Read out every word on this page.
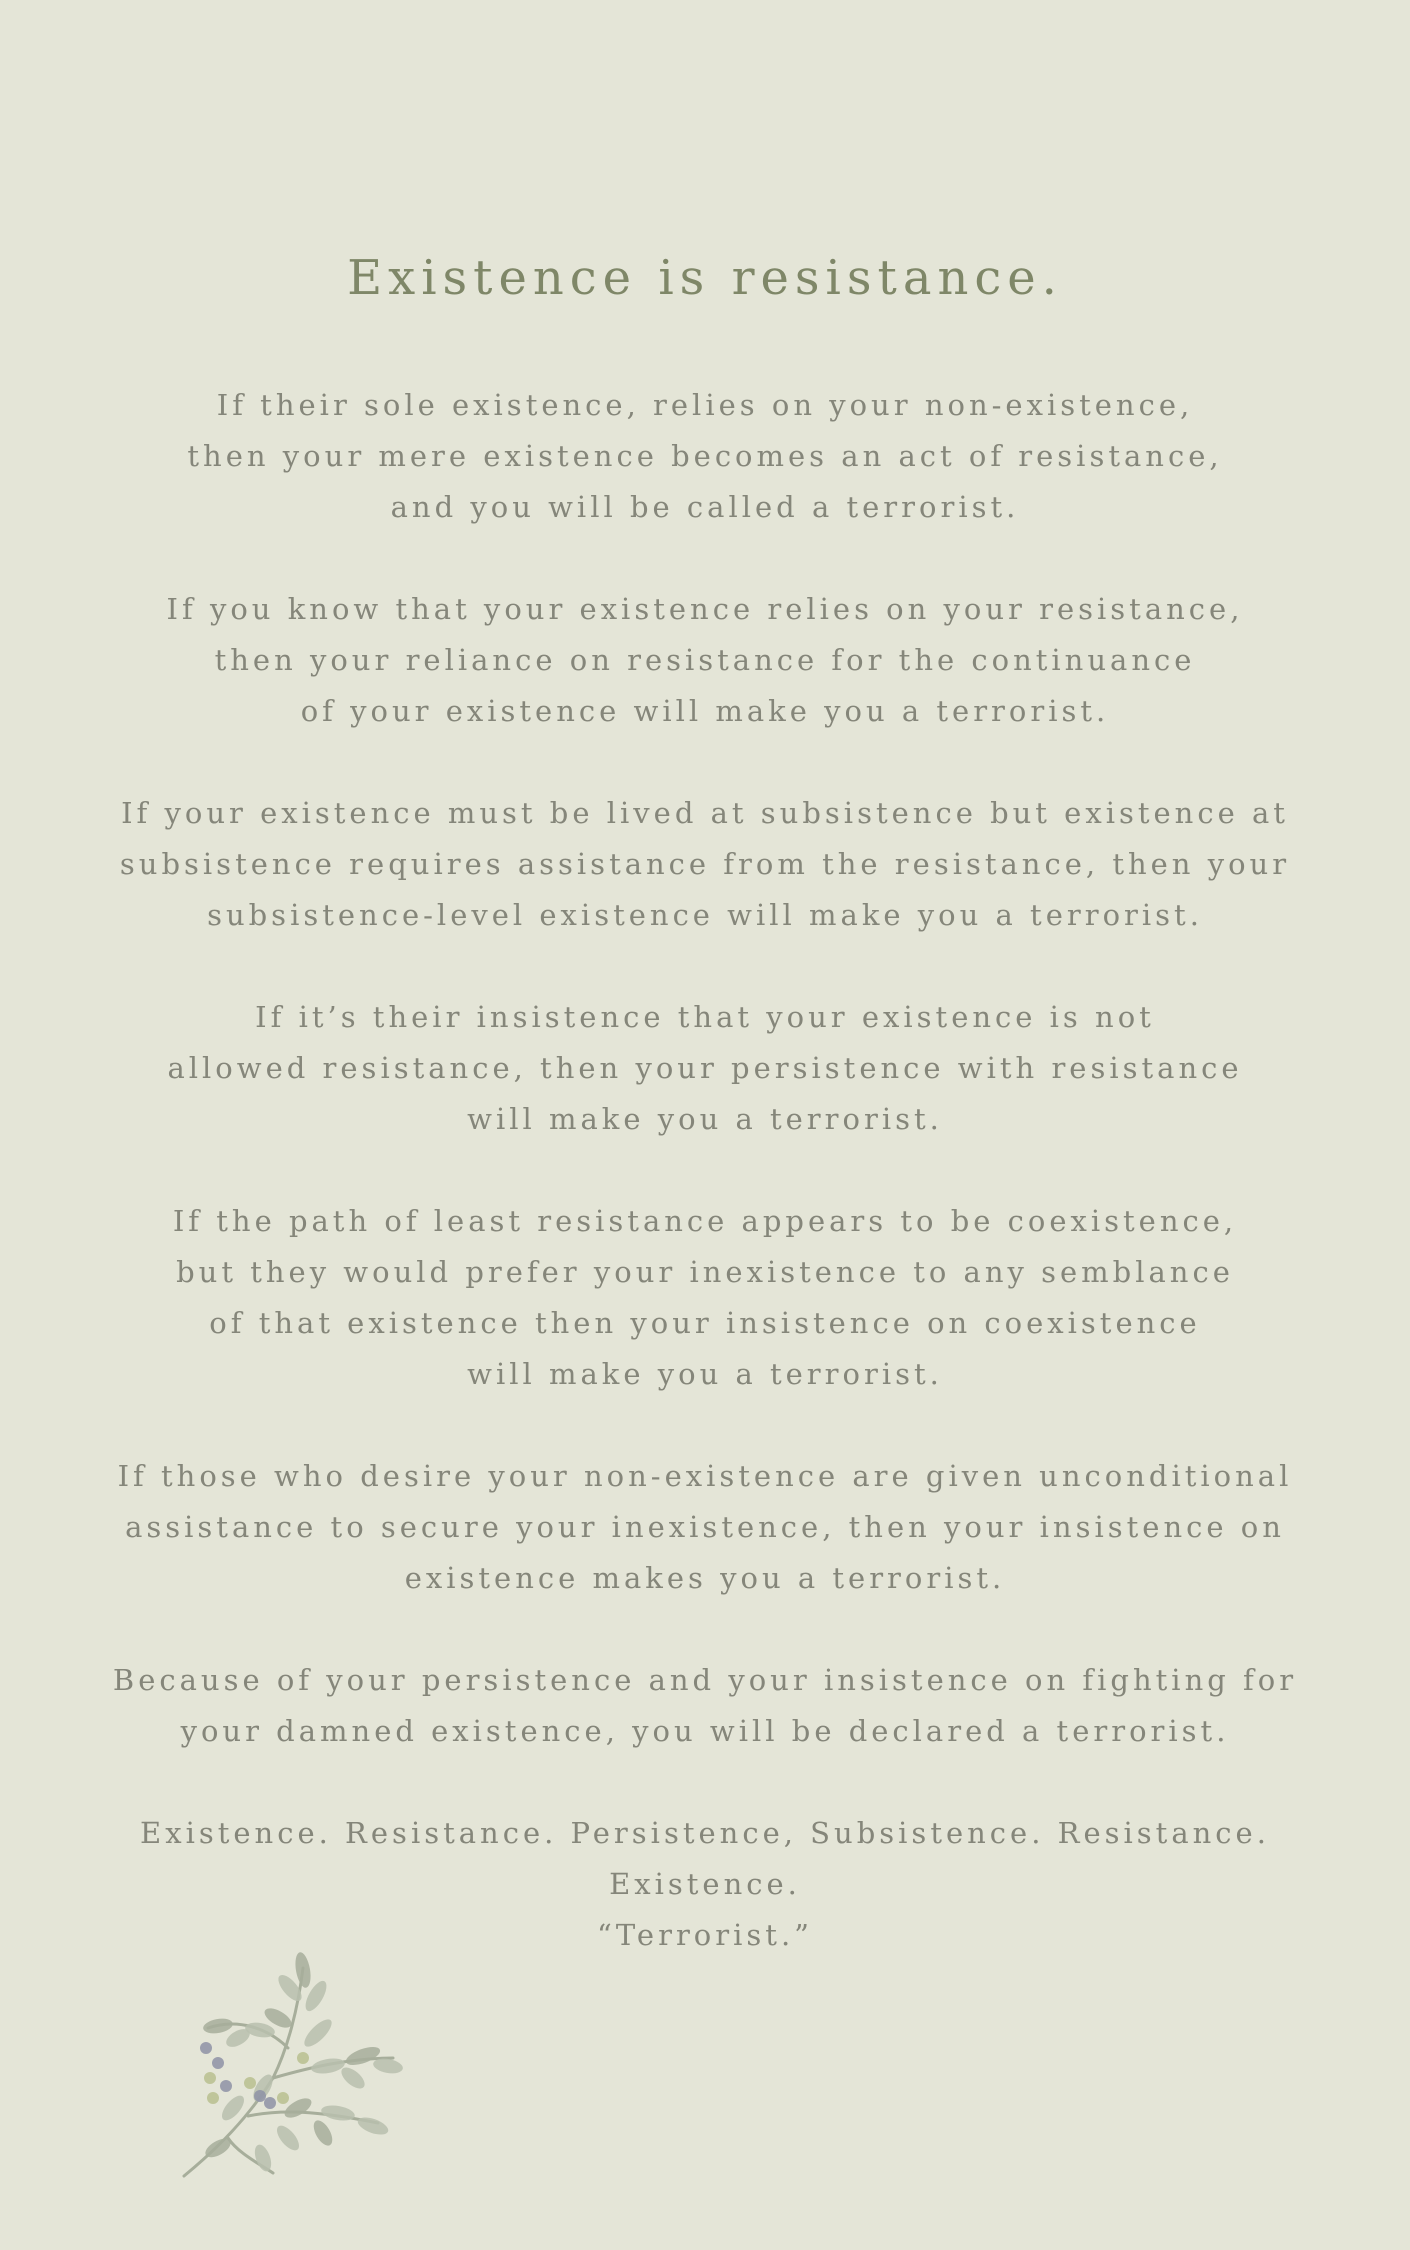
Existence is resistance.
If their sole existence, relies on your non-existence,
then your mere existence becomes an act of resistance,
and you will be called a terrorist.
If you know that your existence relies on your resistance,
then your reliance on resistance for the continuance
of your existence will make you a terrorist.
If your existence must be lived at subsistence but existence at
subsistence requires assistance from the resistance, then your
subsistence-level existence will make you a terrorist.
If it’s their insistence that your existence is not
allowed resistance, then your persistence with resistance
will make you a terrorist.
If the path of least resistance appears to be coexistence,
but they would prefer your inexistence to any semblance
of that existence then your insistence on coexistence
will make you a terrorist.
If those who desire your non-existence are given unconditional
assistance to secure your inexistence, then your insistence on
existence makes you a terrorist.
Because of your persistence and your insistence on fighting for
your damned existence, you will be declared a terrorist.
Existence. Resistance. Persistence, Subsistence. Resistance.
Existence.
“Terrorist.”
